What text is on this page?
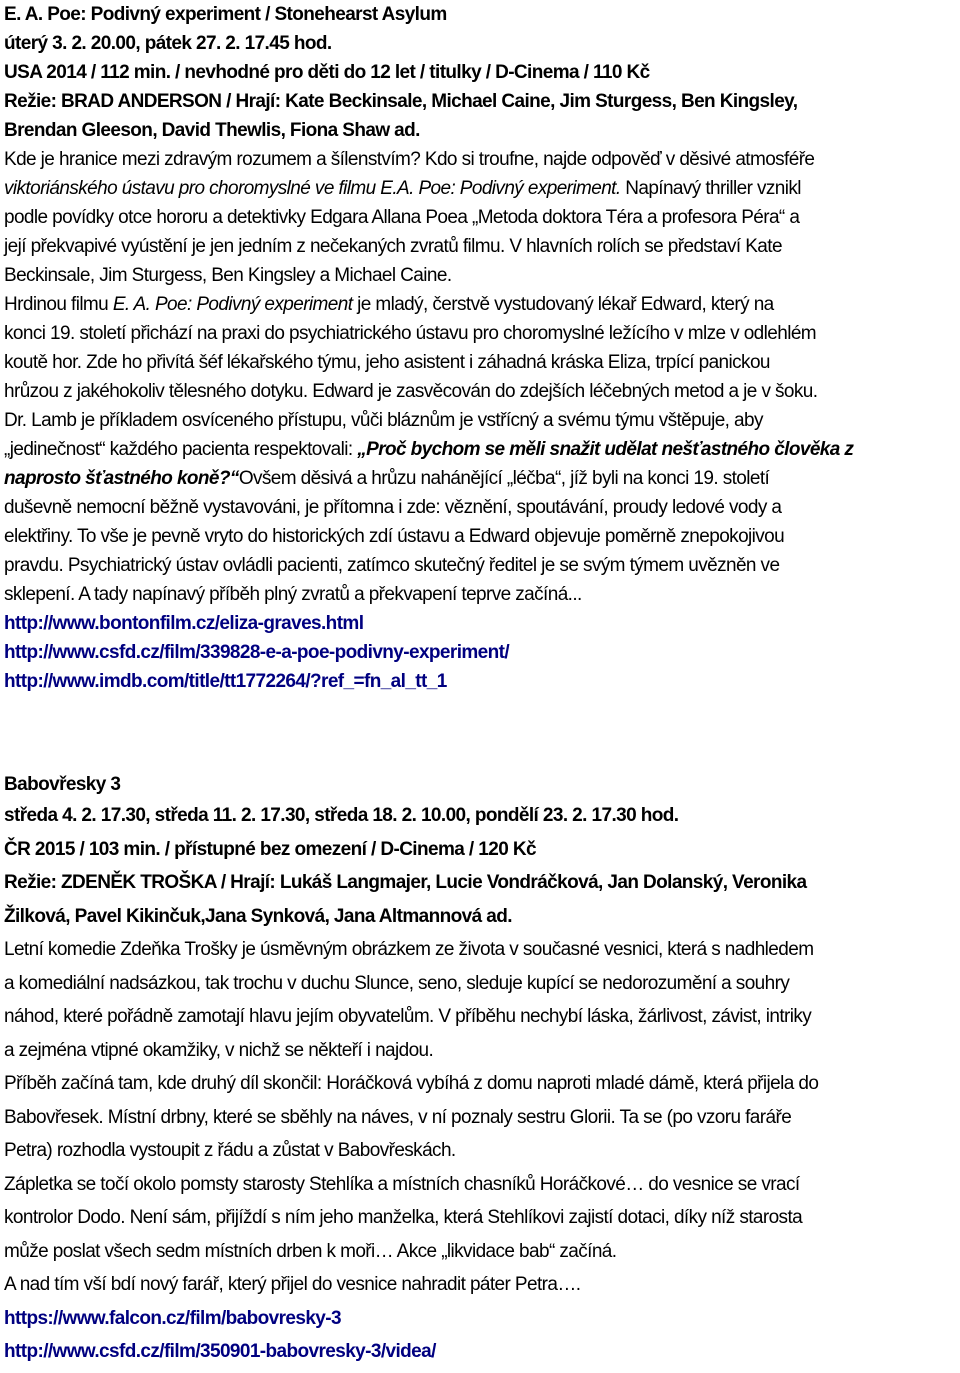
E. A. Poe: Podivný experiment / Stonehearst Asylum
úterý 3. 2. 20.00, pátek 27. 2. 17.45 hod.
USA 2014 / 112 min. / nevhodné pro děti do 12 let / titulky / D-Cinema / 110 Kč
Režie: BRAD ANDERSON / Hrají: Kate Beckinsale, Michael Caine, Jim Sturgess, Ben Kingsley,
Brendan Gleeson, David Thewlis, Fiona Shaw ad.
Kde je hranice mezi zdravým rozumem a šílenstvím? Kdo si troufne, najde odpověď v děsivé atmosféře
viktoriánského ústavu pro choromyslné ve filmu E.A. Poe: Podivný experiment. Napínavý thriller vznikl
podle povídky otce hororu a detektivky Edgara Allana Poea „Metoda doktora Téra a profesora Péra“ a
její překvapivé vyústění je jen jedním z nečekaných zvratů filmu. V hlavních rolích se představí Kate
Beckinsale, Jim Sturgess, Ben Kingsley a Michael Caine.
Hrdinou filmu E. A. Poe: Podivný experiment je mladý, čerstvě vystudovaný lékař Edward, který na
konci 19. století přichází na praxi do psychiatrického ústavu pro choromyslné ležícího v mlze v odlehlém
koutě hor. Zde ho přivítá šéf lékařského týmu, jeho asistent i záhadná kráska Eliza, trpící panickou
hrůzou z jakéhokoliv tělesného dotyku. Edward je zasvěcován do zdejších léčebných metod a je v šoku.
Dr. Lamb je příkladem osvíceného přístupu, vůči bláznům je vstřícný a svému týmu vštěpuje, aby
„jedinečnost“ každého pacienta respektovali: „Proč bychom se měli snažit udělat nešťastného člověka z
naprosto šťastného koně?“Ovšem děsivá a hrůzu nahánějící „léčba“, jíž byli na konci 19. století
duševně nemocní běžně vystavováni, je přítomna i zde: věznění, spoutávání, proudy ledové vody a
elektřiny. To vše je pevně vryto do historických zdí ústavu a Edward objevuje poměrně znepokojivou
pravdu. Psychiatrický ústav ovládli pacienti, zatímco skutečný ředitel je se svým týmem uvězněn ve
sklepení. A tady napínavý příběh plný zvratů a překvapení teprve začíná...
http://www.bontonfilm.cz/eliza-graves.html
http://www.csfd.cz/film/339828-e-a-poe-podivny-experiment/
http://www.imdb.com/title/tt1772264/?ref_=fn_al_tt_1
Babovřesky 3
středa 4. 2. 17.30, středa 11. 2. 17.30, středa 18. 2. 10.00, pondělí 23. 2. 17.30 hod.
ČR 2015 / 103 min. / přístupné bez omezení / D-Cinema / 120 Kč
Režie: ZDENĚK TROŠKA / Hrají: Lukáš Langmajer, Lucie Vondráčková, Jan Dolanský, Veronika
Žilková, Pavel Kikinčuk,Jana Synková, Jana Altmannová ad.
Letní komedie Zdeňka Trošky je úsměvným obrázkem ze života v současné vesnici, která s nadhledem
a komediální nadsázkou, tak trochu v duchu Slunce, seno, sleduje kupící se nedorozumění a souhry
náhod, které pořádně zamotají hlavu jejím obyvatelům. V příběhu nechybí láska, žárlivost, závist, intriky
a zejména vtipné okamžiky, v nichž se někteří i najdou.
Příběh začíná tam, kde druhý díl skončil: Horáčková vybíhá z domu naproti mladé dámě, která přijela do
Babovřesek. Místní drbny, které se sběhly na náves, v ní poznaly sestru Glorii. Ta se (po vzoru faráře
Petra) rozhodla vystoupit z řádu a zůstat v Babovřeskách.
Zápletka se točí okolo pomsty starosty Stehlíka a místních chasníků Horáčkové… do vesnice se vrací
kontrolor Dodo. Není sám, přijíždí s ním jeho manželka, která Stehlíkovi zajistí dotaci, díky níž starosta
může poslat všech sedm místních drben k moři… Akce „likvidace bab“ začíná.
A nad tím vší bdí nový farář, který přijel do vesnice nahradit páter Petra….
https://www.falcon.cz/film/babovresky-3
http://www.csfd.cz/film/350901-babovresky-3/videa/
